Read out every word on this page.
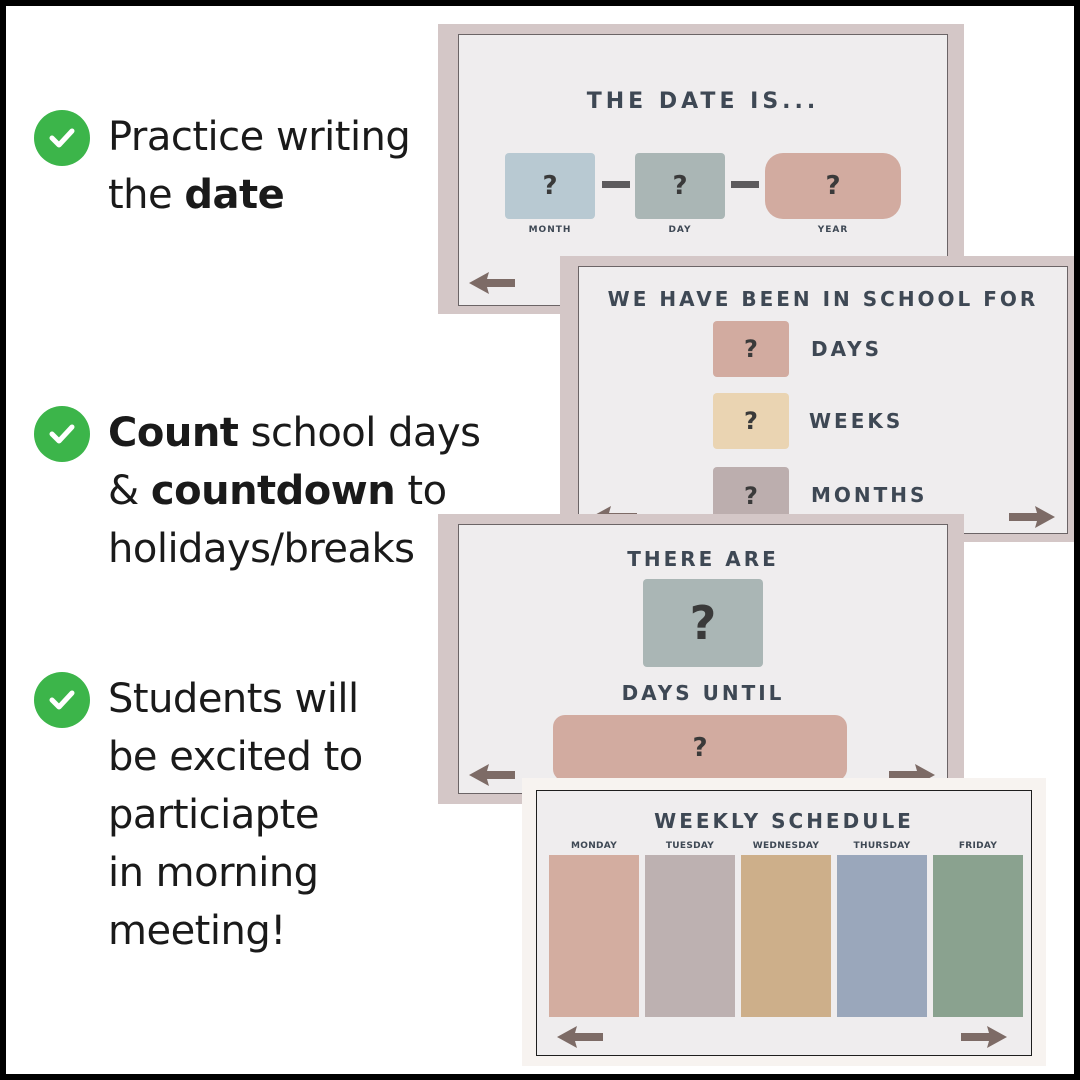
Practice writing
the date
Count school days
& countdown to
holidays/breaks
Students will
be excited to
particiapte
in morning
meeting!
THE DATE IS...
?	?	?
MONTH	DAY	YEAR
WE HAVE BEEN IN SCHOOL FOR
?	DAYS
?	WEEKS
?	MONTHS
THERE ARE
?
DAYS UNTIL
?
WEEKLY SCHEDULE
MONDAY	TUESDAY	WEDNESDAY	THURSDAY	FRIDAY
